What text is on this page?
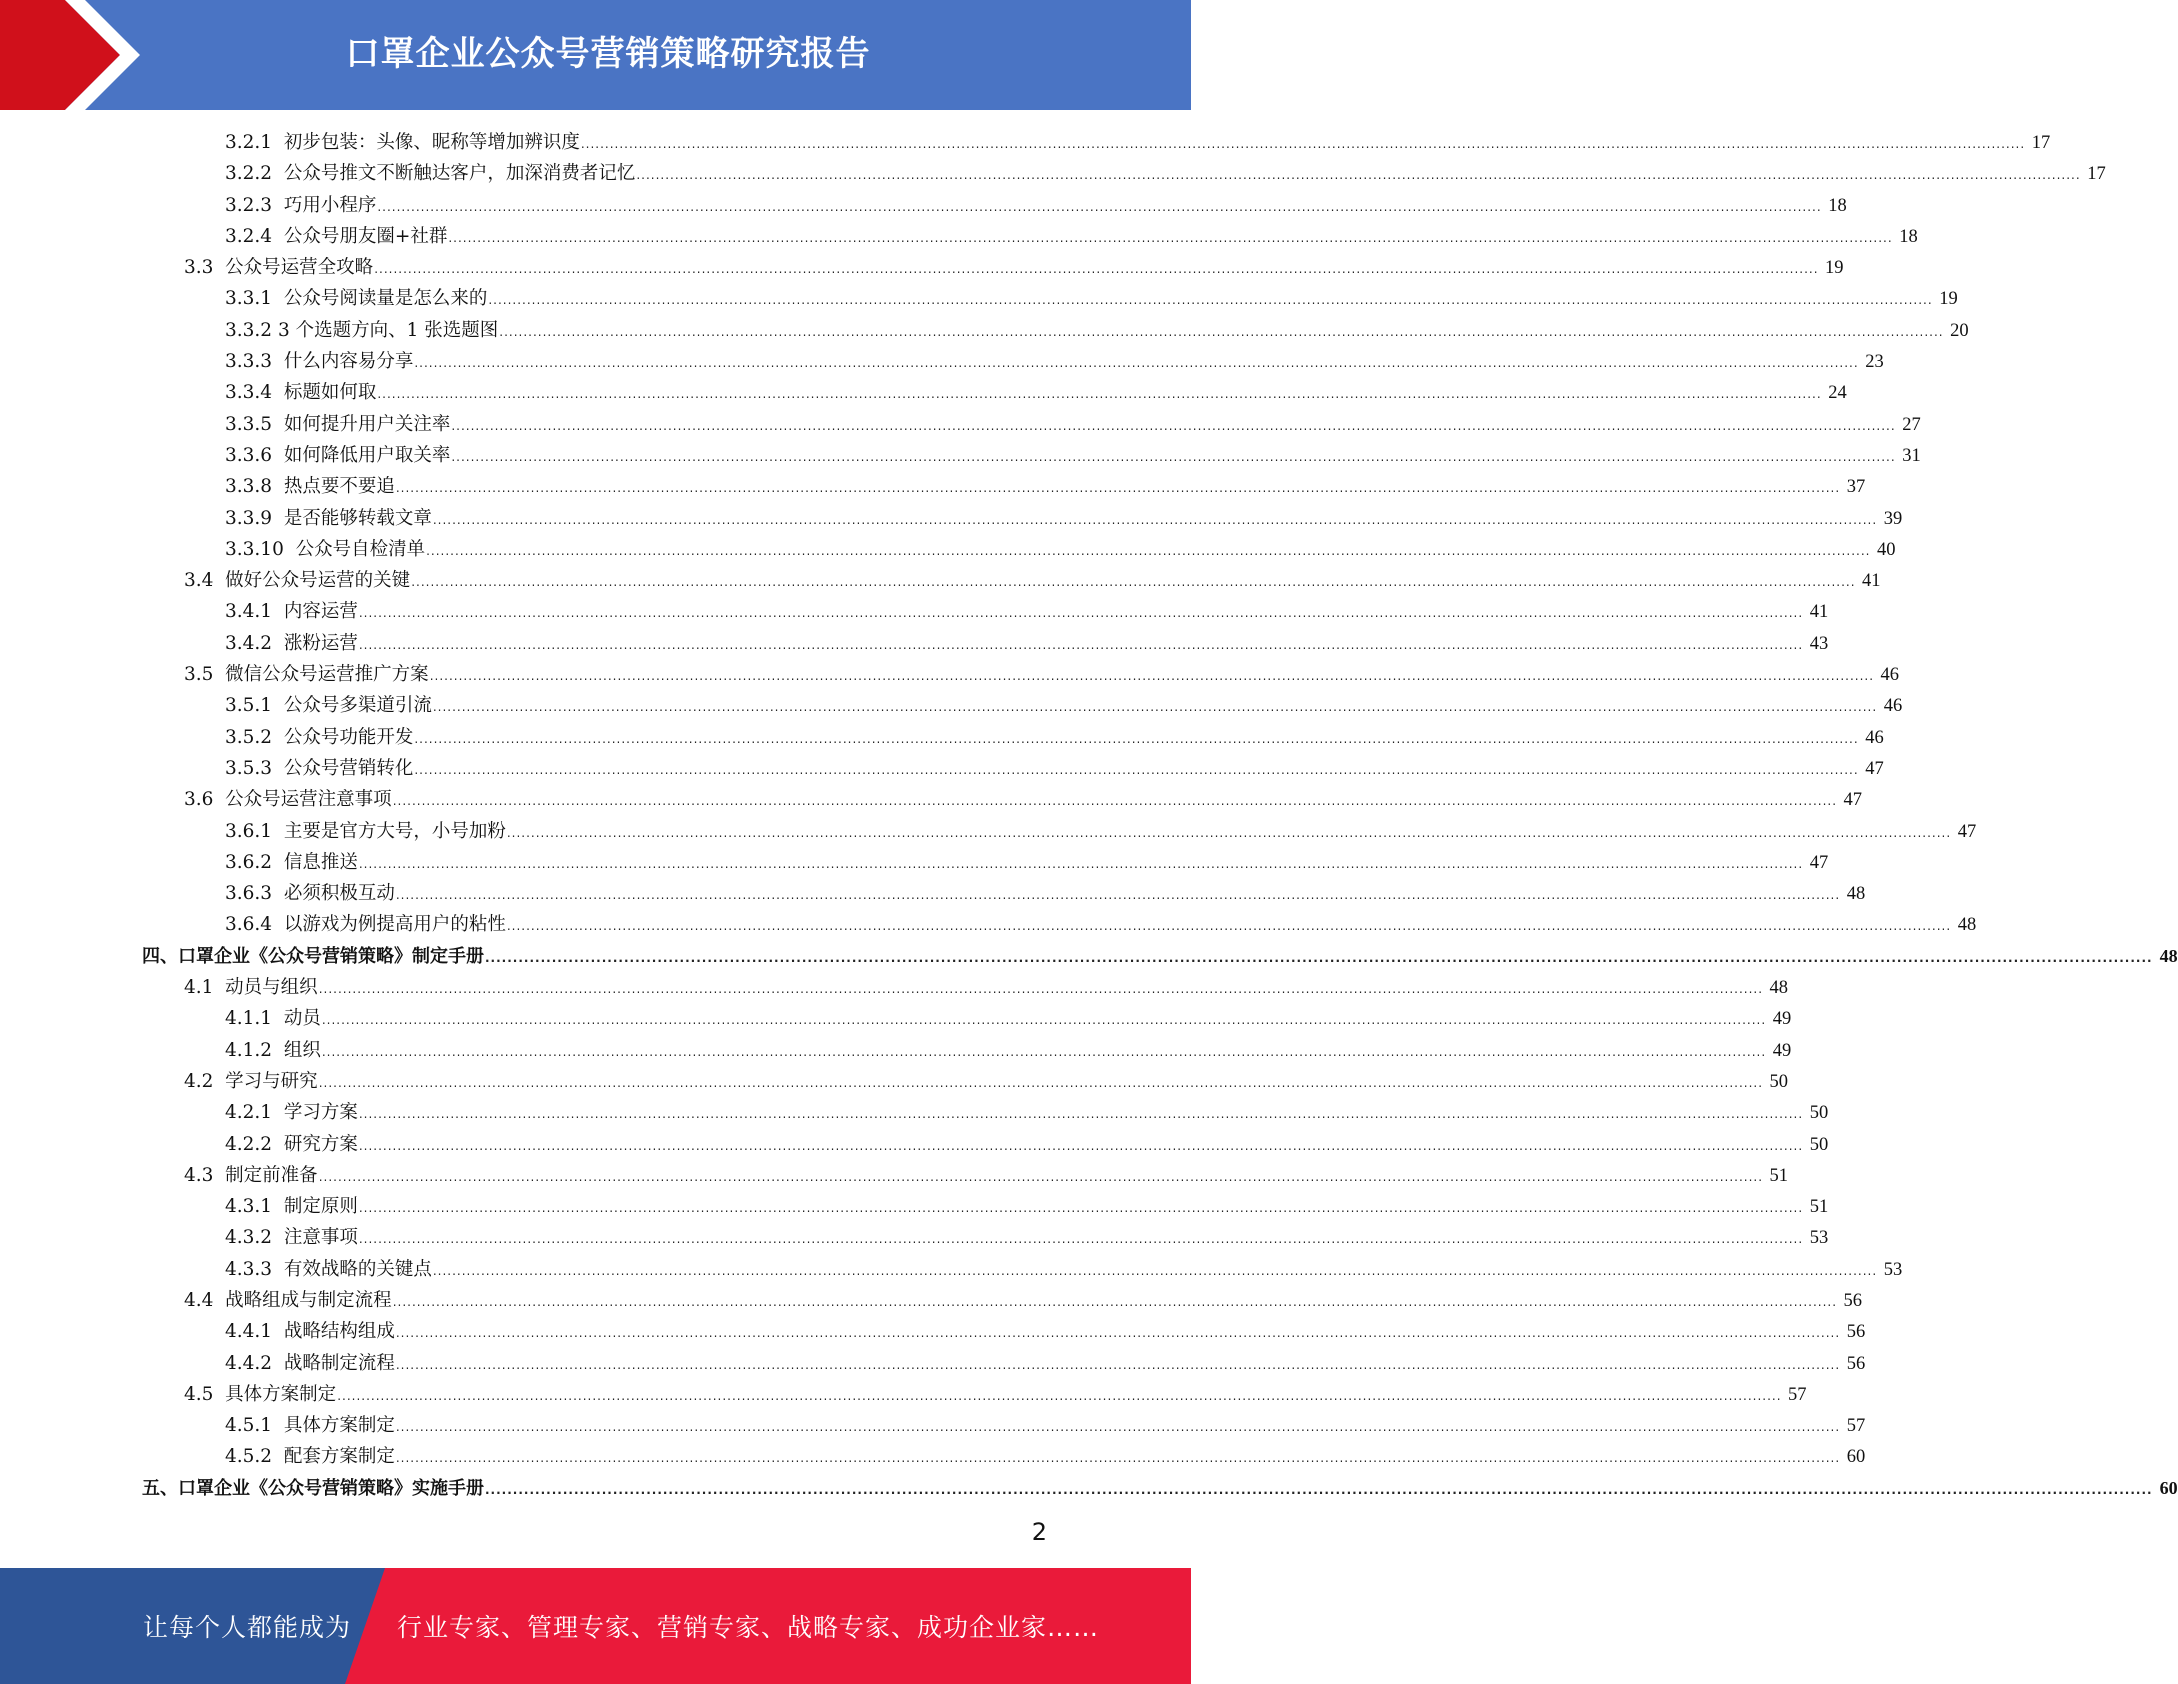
口罩企业公众号营销策略研究报告
3.2.1  初步包装：头像、昵称等增加辨识度 ............................................................................................................................................................................................................................................................................................................ 17
3.2.2  公众号推文不断触达客户，加深消费者记忆 ............................................................................................................................................................................................................................................................................................................ 17
3.2.3  巧用小程序 ............................................................................................................................................................................................................................................................................................................ 18
3.2.4  公众号朋友圈+社群 ............................................................................................................................................................................................................................................................................................................ 18
3.3  公众号运营全攻略 ............................................................................................................................................................................................................................................................................................................ 19
3.3.1  公众号阅读量是怎么来的 ............................................................................................................................................................................................................................................................................................................ 19
3.3.2 3 个选题方向、1 张选题图 ............................................................................................................................................................................................................................................................................................................ 20
3.3.3  什么内容易分享 ............................................................................................................................................................................................................................................................................................................ 23
3.3.4  标题如何取 ............................................................................................................................................................................................................................................................................................................ 24
3.3.5  如何提升用户关注率 ............................................................................................................................................................................................................................................................................................................ 27
3.3.6  如何降低用户取关率 ............................................................................................................................................................................................................................................................................................................ 31
3.3.8  热点要不要追 ............................................................................................................................................................................................................................................................................................................ 37
3.3.9  是否能够转载文章 ............................................................................................................................................................................................................................................................................................................ 39
3.3.10  公众号自检清单 ............................................................................................................................................................................................................................................................................................................ 40
3.4  做好公众号运营的关键 ............................................................................................................................................................................................................................................................................................................ 41
3.4.1  内容运营 ............................................................................................................................................................................................................................................................................................................ 41
3.4.2  涨粉运营 ............................................................................................................................................................................................................................................................................................................ 43
3.5  微信公众号运营推广方案 ............................................................................................................................................................................................................................................................................................................ 46
3.5.1  公众号多渠道引流 ............................................................................................................................................................................................................................................................................................................ 46
3.5.2  公众号功能开发 ............................................................................................................................................................................................................................................................................................................ 46
3.5.3  公众号营销转化 ............................................................................................................................................................................................................................................................................................................ 47
3.6  公众号运营注意事项 ............................................................................................................................................................................................................................................................................................................ 47
3.6.1  主要是官方大号，小号加粉 ............................................................................................................................................................................................................................................................................................................ 47
3.6.2  信息推送 ............................................................................................................................................................................................................................................................................................................ 47
3.6.3  必须积极互动 ............................................................................................................................................................................................................................................................................................................ 48
3.6.4  以游戏为例提高用户的粘性 ............................................................................................................................................................................................................................................................................................................ 48
四、口罩企业《公众号营销策略》制定手册 ............................................................................................................................................................................................................................................................................................................ 48
4.1  动员与组织 ............................................................................................................................................................................................................................................................................................................ 48
4.1.1  动员 ............................................................................................................................................................................................................................................................................................................ 49
4.1.2  组织 ............................................................................................................................................................................................................................................................................................................ 49
4.2  学习与研究 ............................................................................................................................................................................................................................................................................................................ 50
4.2.1  学习方案 ............................................................................................................................................................................................................................................................................................................ 50
4.2.2  研究方案 ............................................................................................................................................................................................................................................................................................................ 50
4.3  制定前准备 ............................................................................................................................................................................................................................................................................................................ 51
4.3.1  制定原则 ............................................................................................................................................................................................................................................................................................................ 51
4.3.2  注意事项 ............................................................................................................................................................................................................................................................................................................ 53
4.3.3  有效战略的关键点 ............................................................................................................................................................................................................................................................................................................ 53
4.4  战略组成与制定流程 ............................................................................................................................................................................................................................................................................................................ 56
4.4.1  战略结构组成 ............................................................................................................................................................................................................................................................................................................ 56
4.4.2  战略制定流程 ............................................................................................................................................................................................................................................................................................................ 56
4.5  具体方案制定 ............................................................................................................................................................................................................................................................................................................ 57
4.5.1  具体方案制定 ............................................................................................................................................................................................................................................................................................................ 57
4.5.2  配套方案制定 ............................................................................................................................................................................................................................................................................................................ 60
五、口罩企业《公众号营销策略》实施手册 ............................................................................................................................................................................................................................................................................................................ 60
2
让每个人都能成为 行业专家、管理专家、营销专家、战略专家、成功企业家……
